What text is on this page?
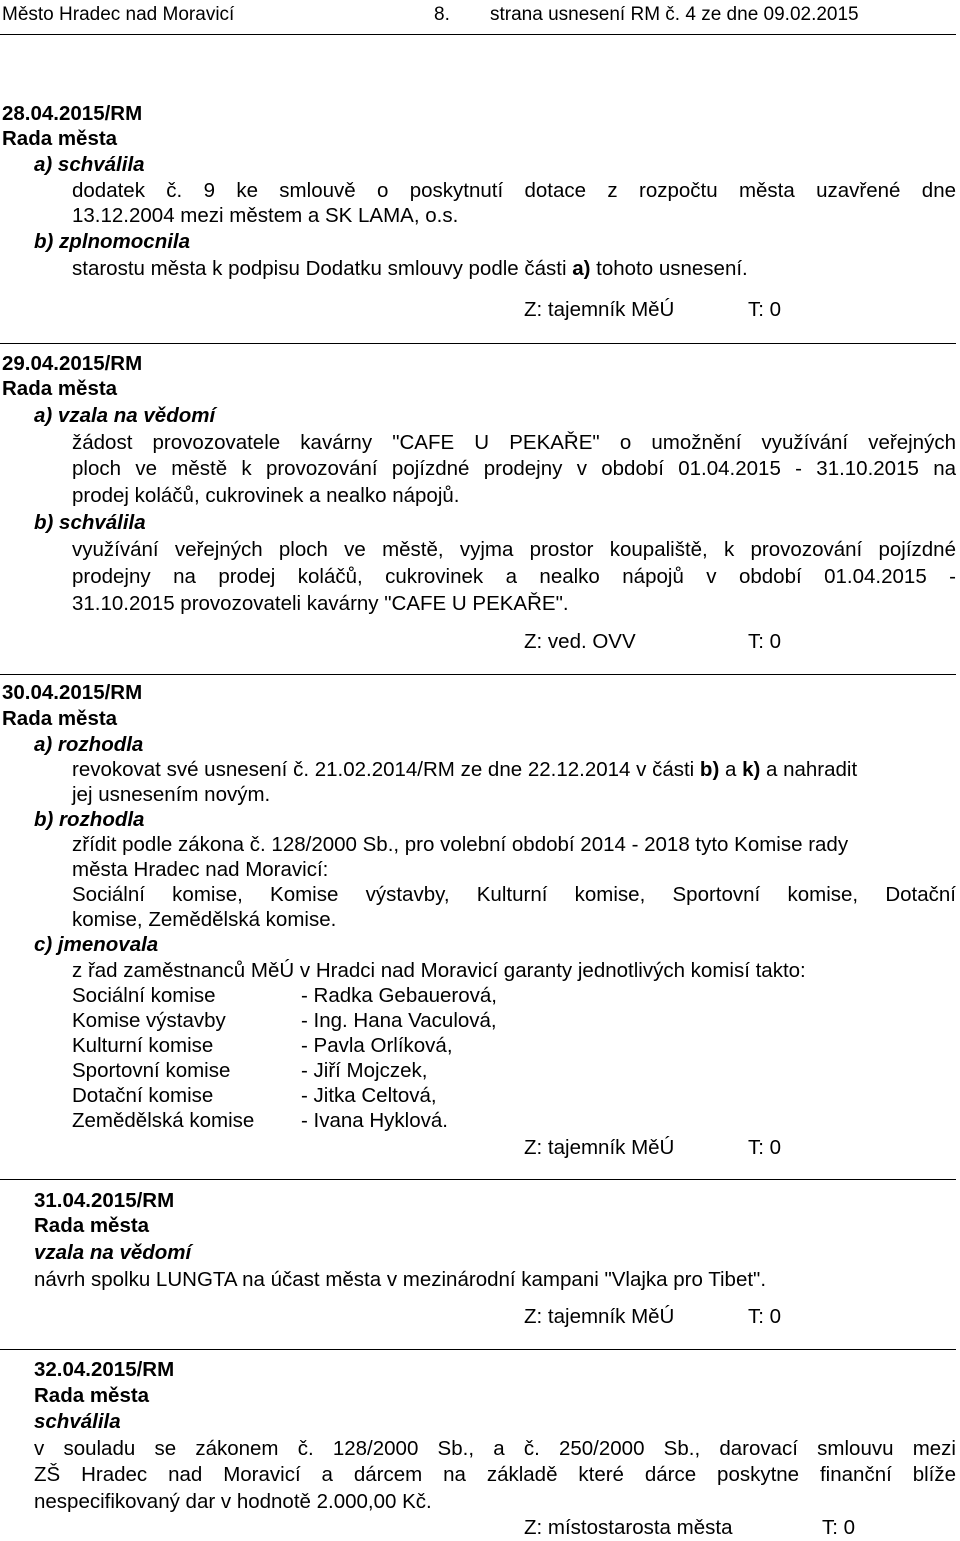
Město Hradec nad Moravicí	8. strana usnesení RM č. 4 ze dne 09.02.2015
28.04.2015/RM
Rada města
a) schválila
dodatek č. 9 ke smlouvě o poskytnutí dotace z rozpočtu města uzavřené dne
13.12.2004 mezi městem a SK LAMA, o.s.
b) zplnomocnila
starostu města k podpisu Dodatku smlouvy podle části a) tohoto usnesení.
Z: tajemník MěÚ	T: 0
29.04.2015/RM
Rada města
a) vzala na vědomí
žádost provozovatele kavárny "CAFE U PEKAŘE" o umožnění využívání veřejných
ploch ve městě k provozování pojízdné prodejny v období 01.04.2015 - 31.10.2015 na
prodej koláčů, cukrovinek a nealko nápojů.
b) schválila
využívání veřejných ploch ve městě, vyjma prostor koupaliště, k provozování pojízdné
prodejny na prodej koláčů, cukrovinek a nealko nápojů v období 01.04.2015 -
31.10.2015 provozovateli kavárny "CAFE U PEKAŘE".
Z: ved. OVV	T: 0
30.04.2015/RM
Rada města
a) rozhodla
revokovat své usnesení č. 21.02.2014/RM ze dne 22.12.2014 v části b) a k) a nahradit
jej usnesením novým.
b) rozhodla
zřídit podle zákona č. 128/2000 Sb., pro volební období 2014 - 2018 tyto Komise rady
města Hradec nad Moravicí:
Sociální komise, Komise výstavby, Kulturní komise, Sportovní komise, Dotační
komise, Zemědělská komise.
c) jmenovala
z řad zaměstnanců MěÚ v Hradci nad Moravicí garanty jednotlivých komisí takto:
Sociální komise	- Radka Gebauerová,
Komise výstavby	- Ing. Hana Vaculová,
Kulturní komise	- Pavla Orlíková,
Sportovní komise	- Jiří Mojczek,
Dotační komise	- Jitka Celtová,
Zemědělská komise - Ivana Hyklová.
Z: tajemník MěÚ	T: 0
31.04.2015/RM
Rada města
vzala na vědomí
návrh spolku LUNGTA na účast města v mezinárodní kampani "Vlajka pro Tibet".
Z: tajemník MěÚ	T: 0
32.04.2015/RM
Rada města
schválila
v souladu se zákonem č. 128/2000 Sb., a č. 250/2000 Sb., darovací smlouvu mezi
ZŠ Hradec nad Moravicí a dárcem na základě které dárce poskytne finanční blíže
nespecifikovaný dar v hodnotě 2.000,00 Kč.
Z: místostarosta města	T: 0
